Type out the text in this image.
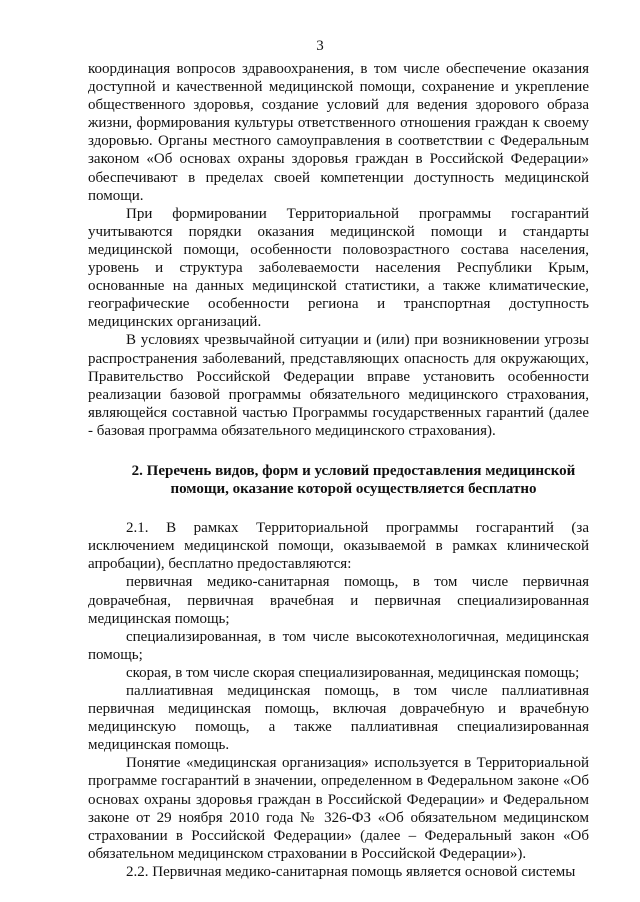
3

координация вопросов здравоохранения, в том числе обеспечение оказания доступной и качественной медицинской помощи, сохранение и укрепление общественного здоровья, создание условий для ведения здорового образа жизни, формирования культуры ответственного отношения граждан к своему здоровью. Органы местного самоуправления в соответствии с Федеральным законом «Об основах охраны здоровья граждан в Российской Федерации» обеспечивают в пределах своей компетенции доступность медицинской помощи.

При формировании Территориальной программы госгарантий учитываются порядки оказания медицинской помощи и стандарты медицинской помощи, особенности половозрастного состава населения, уровень и структура заболеваемости населения Республики Крым, основанные на данных медицинской статистики, а также климатические, географические особенности региона и транспортная доступность медицинских организаций.

В условиях чрезвычайной ситуации и (или) при возникновении угрозы распространения заболеваний, представляющих опасность для окружающих, Правительство Российской Федерации вправе установить особенности реализации базовой программы обязательного медицинского страхования, являющейся составной частью Программы государственных гарантий (далее - базовая программа обязательного медицинского страхования).

2. Перечень видов, форм и условий предоставления медицинской
помощи, оказание которой осуществляется бесплатно

2.1. В рамках Территориальной программы госгарантий (за исключением медицинской помощи, оказываемой в рамках клинической апробации), бесплатно предоставляются:

первичная медико-санитарная помощь, в том числе первичная доврачебная, первичная врачебная и первичная специализированная медицинская помощь;

специализированная, в том числе высокотехнологичная, медицинская помощь;

скорая, в том числе скорая специализированная, медицинская помощь;

паллиативная медицинская помощь, в том числе паллиативная первичная медицинская помощь, включая доврачебную и врачебную медицинскую помощь, а также паллиативная специализированная медицинская помощь.

Понятие «медицинская организация» используется в Территориальной программе госгарантий в значении, определенном в Федеральном законе «Об основах охраны здоровья граждан в Российской Федерации» и Федеральном законе от 29 ноября 2010 года № 326-ФЗ «Об обязательном медицинском страховании в Российской Федерации» (далее – Федеральный закон «Об обязательном медицинском страховании в Российской Федерации»).

2.2. Первичная медико-санитарная помощь является основой системы
